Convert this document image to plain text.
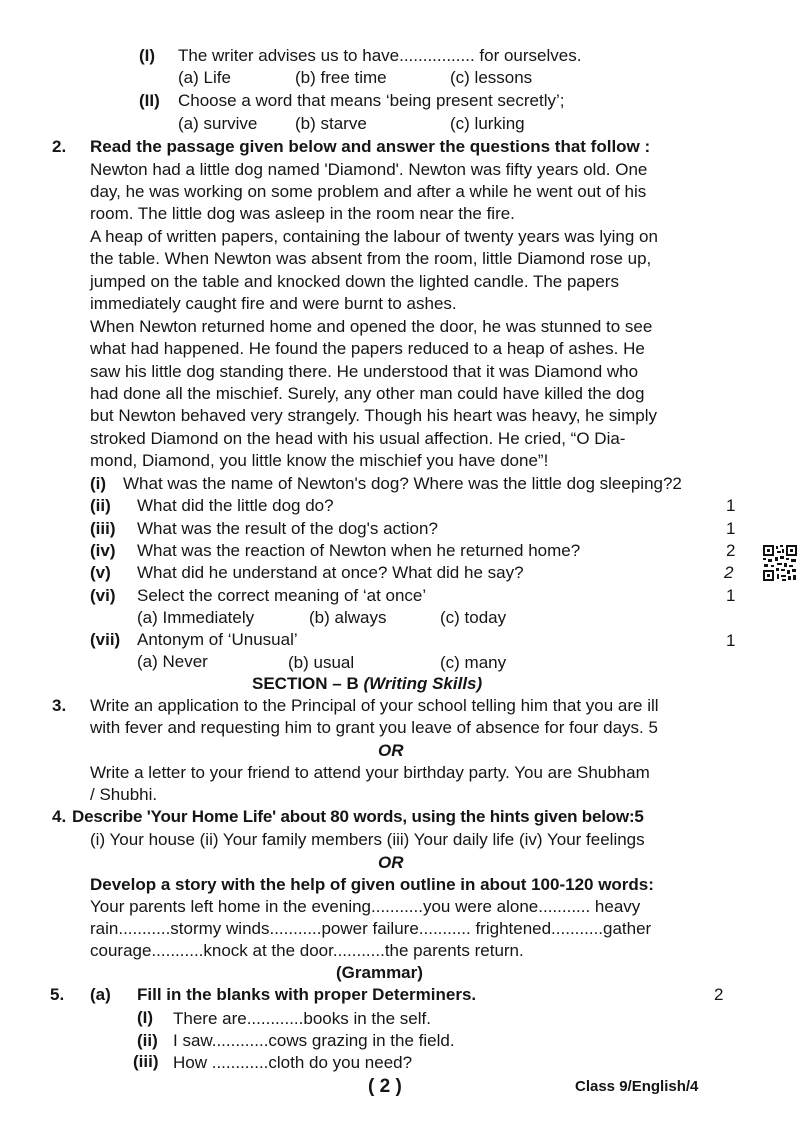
(I) The writer advises us to have................ for ourselves.
(a) Life	(b) free time	(c) lessons
(II) Choose a word that means ‘being present secretly’;
(a) survive (b) starve	(c) lurking
2. Read the passage given below and answer the questions that follow :
Newton had a little dog named 'Diamond'. Newton was fifty years old. One
day, he was working on some problem and after a while he went out of his
room. The little dog was asleep in the room near the fire.
A heap of written papers, containing the labour of twenty years was lying on
the table. When Newton was absent from the room, little Diamond rose up,
jumped on the table and knocked down the lighted candle. The papers
immediately caught fire and were burnt to ashes.
When Newton returned home and opened the door, he was stunned to see
what had happened. He found the papers reduced to a heap of ashes. He
saw his little dog standing there. He understood that it was Diamond who
had done all the mischief. Surely, any other man could have killed the dog
but Newton behaved very strangely. Though his heart was heavy, he simply
stroked Diamond on the head with his usual affection. He cried, “O Dia-
mond, Diamond, you little know the mischief you have done”!
(i) What was the name of Newton's dog? Where was the little dog sleeping?2
(ii) What did the little dog do?	1
(iii) What was the result of the dog's action?	1
(iv) What was the reaction of Newton when he returned home?	2
(v) What did he understand at once? What did he say?	2
(vi) Select the correct meaning of ‘at once’	1
(a) Immediately	(b) always	(c) today
(vii) Antonym of ‘Unusual’	1
(a) Never	(b) usual	(c) many
SECTION – B (Writing Skills)
3. Write an application to the Principal of your school telling him that you are ill
with fever and requesting him to grant you leave of absence for four days. 5
OR
Write a letter to your friend to attend your birthday party. You are Shubham
/ Shubhi.
4. Describe 'Your Home Life' about 80 words, using the hints given below:5
(i) Your house (ii) Your family members (iii) Your daily life (iv) Your feelings
OR
Develop a story with the help of given outline in about 100-120 words:
Your parents left home in the evening...........you were alone........... heavy
rain...........stormy winds...........power failure........... frightened...........gather
courage...........knock at the door...........the parents return.
(Grammar)
5. (a) Fill in the blanks with proper Determiners.	2
(I) There are............books in the self.
(ii) I saw............cows grazing in the field.
(iii) How ............cloth do you need?
( 2 )	Class 9/English/4
